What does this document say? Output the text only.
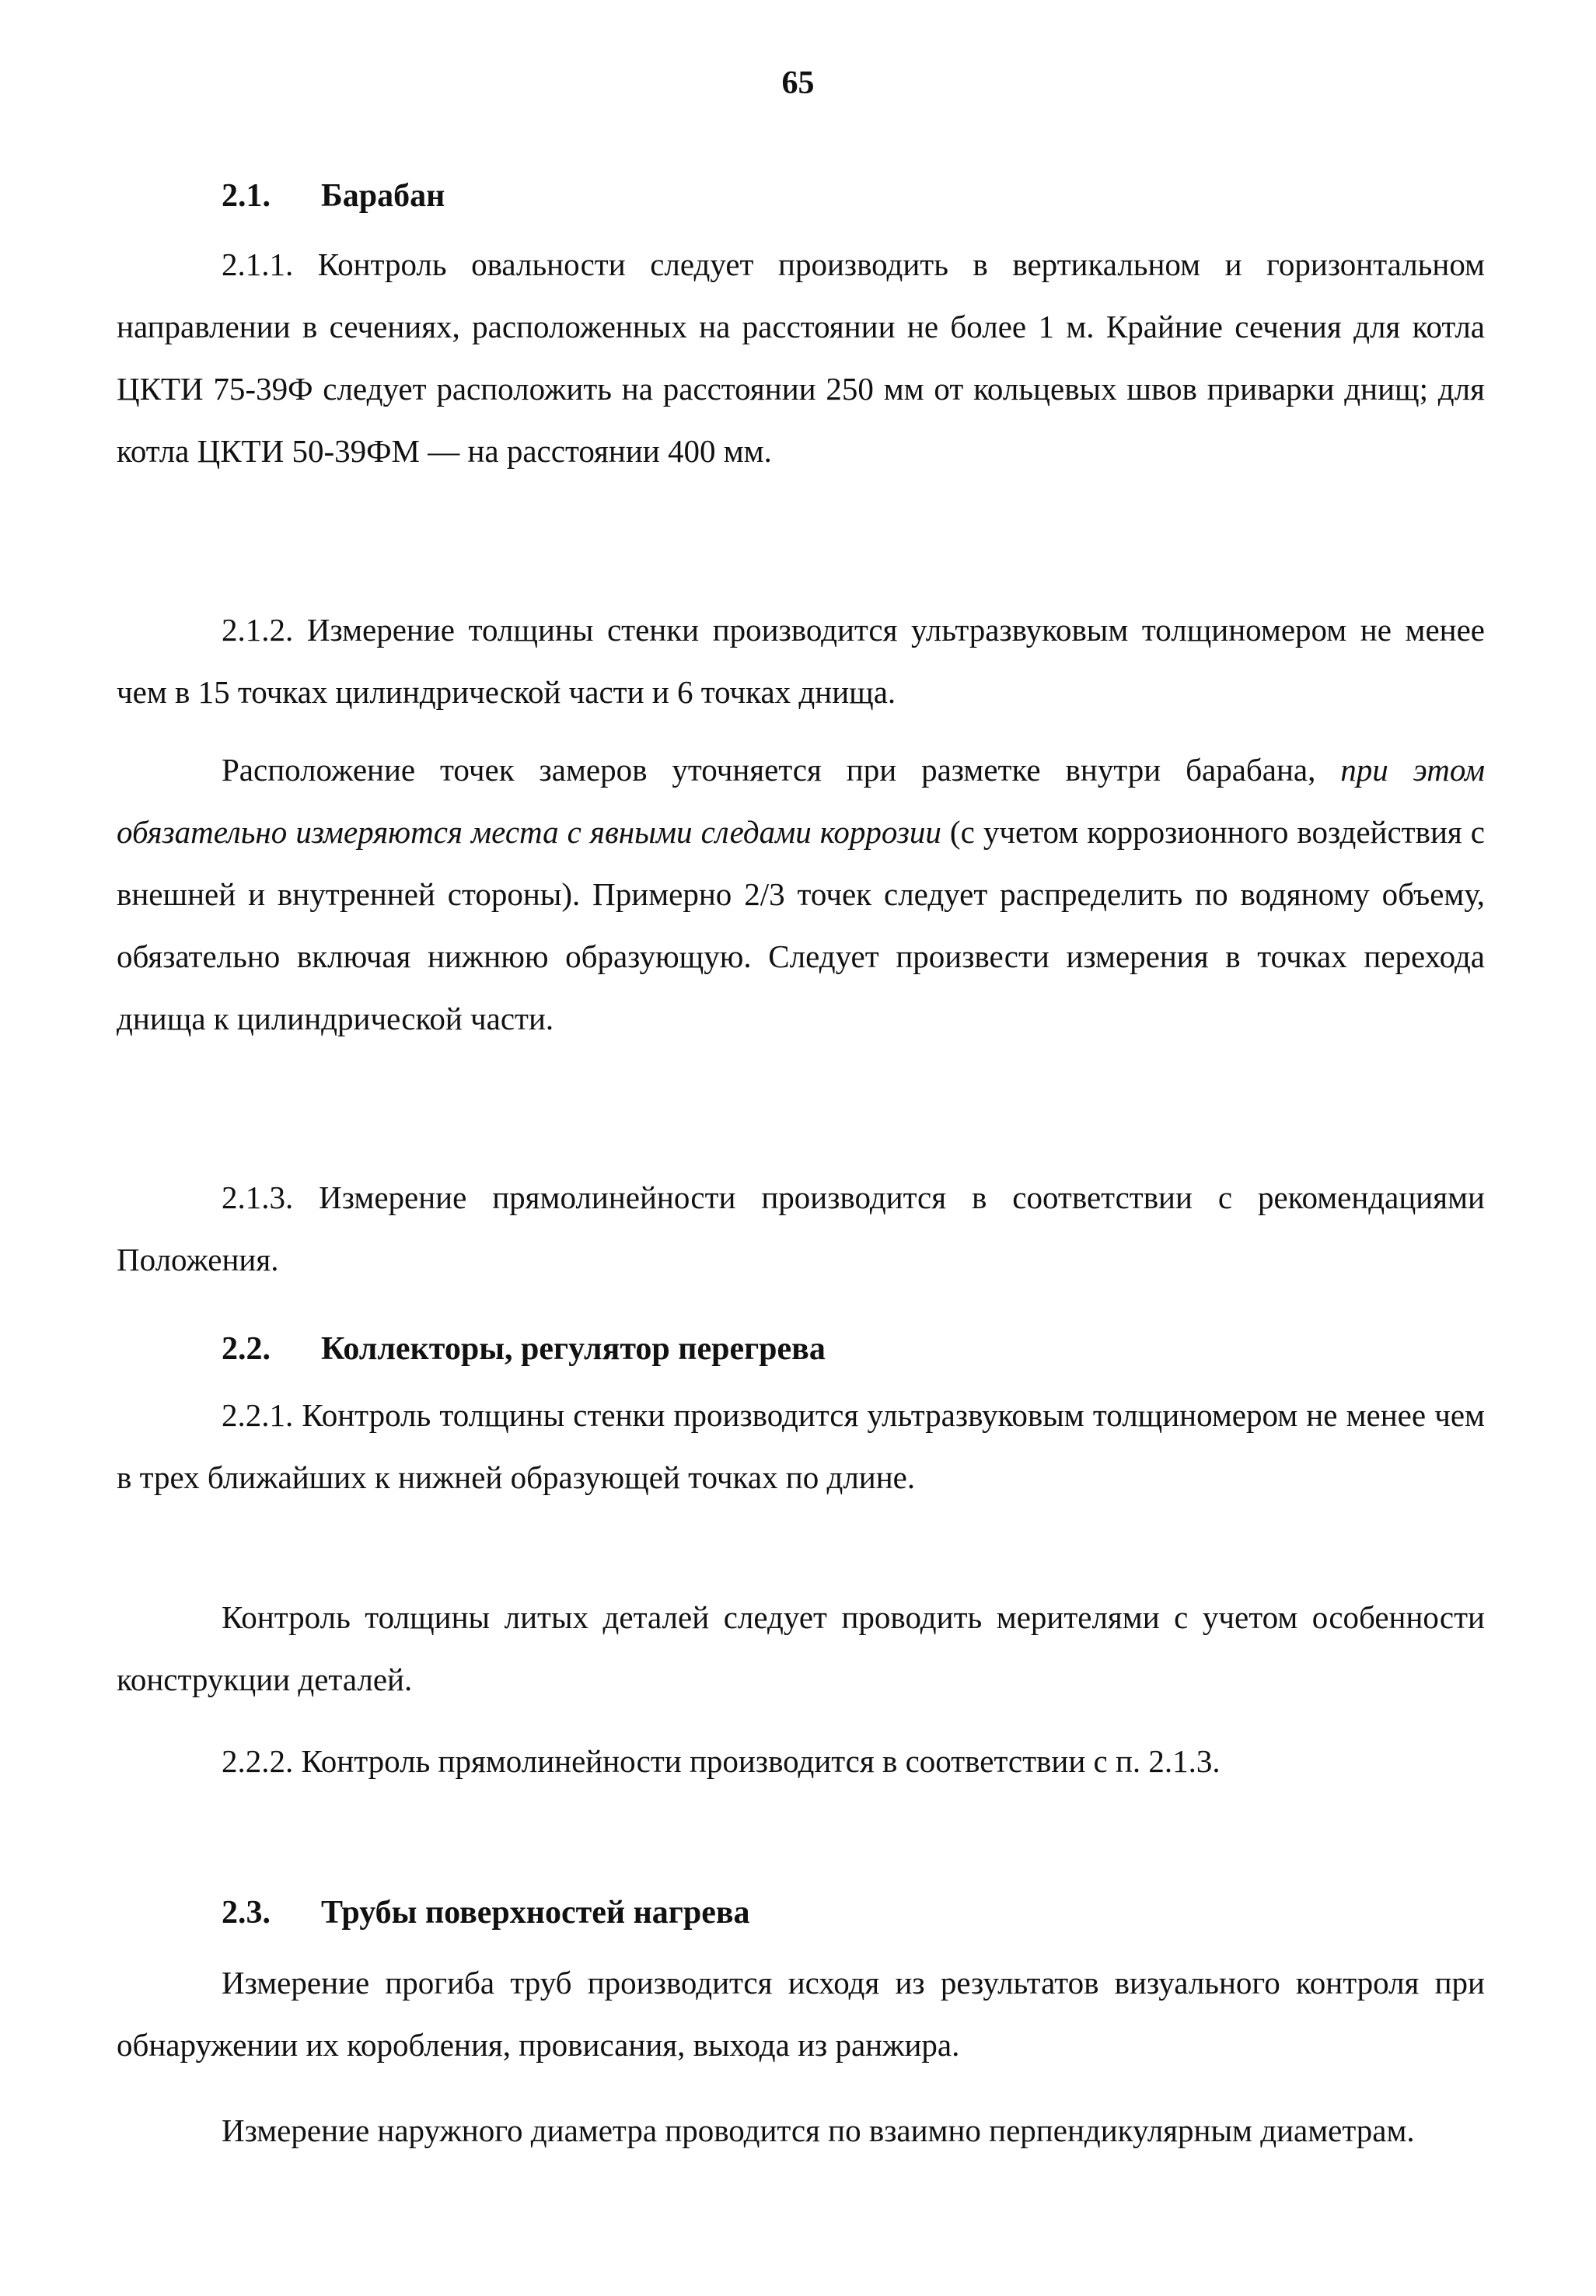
65
2.1. Барабан

2.1.1. Контроль овальности следует производить в вертикальном и горизонтальном направлении в сечениях, расположенных на расстоянии не более 1 м. Крайние сечения для котла ЦКТИ 75-39Ф следует расположить на расстоянии 250 мм от кольцевых швов приварки днищ; для котла ЦКТИ 50-39ФМ — на расстоянии 400 мм.

2.1.2. Измерение толщины стенки производится ультразвуковым толщиномером не менее чем в 15 точках цилиндрической части и 6 точках днища.

Расположение точек замеров уточняется при разметке внутри барабана, при этом обязательно измеряются места с явными следами коррозии (с учетом коррозионного воздействия с внешней и внутренней стороны). Примерно 2/3 точек следует распределить по водяному объему, обязательно включая нижнюю образующую. Следует произвести измерения в точках перехода днища к цилиндрической части.

2.1.3. Измерение прямолинейности производится в соответствии с рекомендациями Положения.

2.2. Коллекторы, регулятор перегрева

2.2.1. Контроль толщины стенки производится ультразвуковым толщиномером не менее чем в трех ближайших к нижней образующей точках по длине.

Контроль толщины литых деталей следует проводить мерителями с учетом особенности конструкции деталей.

2.2.2. Контроль прямолинейности производится в соответствии с п. 2.1.3.

2.3. Трубы поверхностей нагрева

Измерение прогиба труб производится исходя из результатов визуального контроля при обнаружении их коробления, провисания, выхода из ранжира.

Измерение наружного диаметра проводится по взаимно перпендикулярным диаметрам.
